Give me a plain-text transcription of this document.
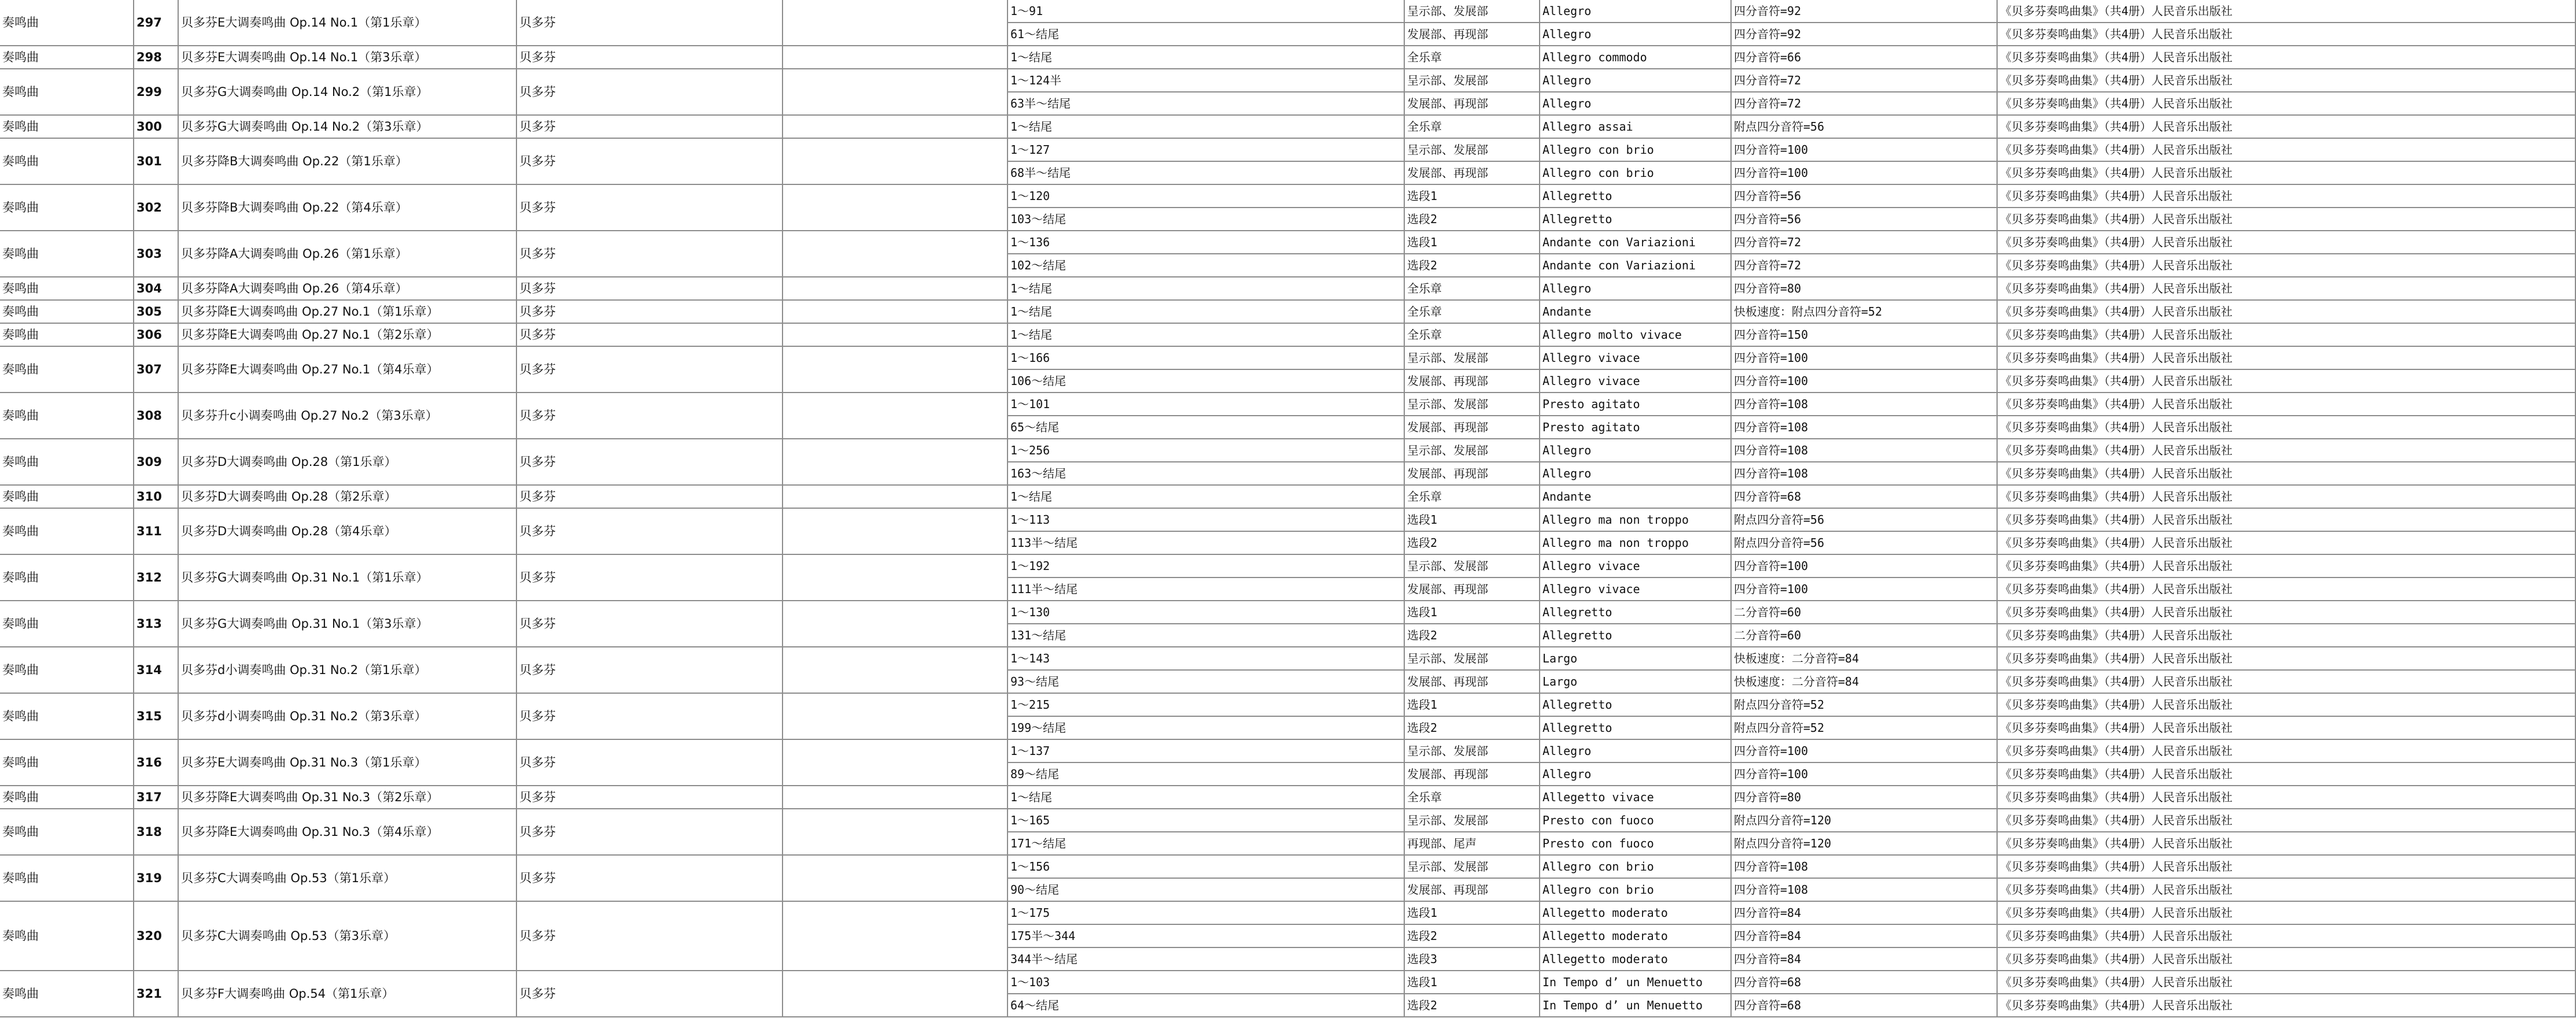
奏鸣曲	297	贝多芬E大调奏鸣曲 Op.14 No.1（第1乐章）	贝多芬
1～91	呈示部、发展部	Allegro	四分音符=92	《贝多芬奏鸣曲集》（共4册）人民音乐出版社
61～结尾	发展部、再现部	Allegro	四分音符=92	《贝多芬奏鸣曲集》（共4册）人民音乐出版社
奏鸣曲	298	贝多芬E大调奏鸣曲 Op.14 No.1（第3乐章）	贝多芬	1～结尾	全乐章	Allegro commodo	四分音符=66	《贝多芬奏鸣曲集》（共4册）人民音乐出版社
奏鸣曲	299	贝多芬G大调奏鸣曲 Op.14 No.2（第1乐章）	贝多芬
1～124半	呈示部、发展部	Allegro	四分音符=72	《贝多芬奏鸣曲集》（共4册）人民音乐出版社
63半～结尾	发展部、再现部	Allegro	四分音符=72	《贝多芬奏鸣曲集》（共4册）人民音乐出版社
奏鸣曲	300	贝多芬G大调奏鸣曲 Op.14 No.2（第3乐章）	贝多芬	1～结尾	全乐章	Allegro assai	附点四分音符=56	《贝多芬奏鸣曲集》（共4册）人民音乐出版社
奏鸣曲	301	贝多芬降B大调奏鸣曲 Op.22（第1乐章）	贝多芬
1～127	呈示部、发展部	Allegro con brio	四分音符=100	《贝多芬奏鸣曲集》（共4册）人民音乐出版社
68半～结尾	发展部、再现部	Allegro con brio	四分音符=100	《贝多芬奏鸣曲集》（共4册）人民音乐出版社
奏鸣曲	302	贝多芬降B大调奏鸣曲 Op.22（第4乐章）	贝多芬
1～120	选段1	Allegretto	四分音符=56	《贝多芬奏鸣曲集》（共4册）人民音乐出版社
103～结尾	选段2	Allegretto	四分音符=56	《贝多芬奏鸣曲集》（共4册）人民音乐出版社
奏鸣曲	303	贝多芬降A大调奏鸣曲 Op.26（第1乐章）	贝多芬
1～136	选段1	Andante con Variazioni	四分音符=72	《贝多芬奏鸣曲集》（共4册）人民音乐出版社
102～结尾	选段2	Andante con Variazioni	四分音符=72	《贝多芬奏鸣曲集》（共4册）人民音乐出版社
奏鸣曲	304	贝多芬降A大调奏鸣曲 Op.26（第4乐章）	贝多芬	1～结尾	全乐章	Allegro	四分音符=80	《贝多芬奏鸣曲集》（共4册）人民音乐出版社
奏鸣曲	305	贝多芬降E大调奏鸣曲 Op.27 No.1（第1乐章）	贝多芬	1～结尾	全乐章	Andante	快板速度：附点四分音符=52	《贝多芬奏鸣曲集》（共4册）人民音乐出版社
奏鸣曲	306	贝多芬降E大调奏鸣曲 Op.27 No.1（第2乐章）	贝多芬	1～结尾	全乐章	Allegro molto vivace	四分音符=150	《贝多芬奏鸣曲集》（共4册）人民音乐出版社
奏鸣曲	307	贝多芬降E大调奏鸣曲 Op.27 No.1（第4乐章）	贝多芬
1～166	呈示部、发展部	Allegro vivace	四分音符=100	《贝多芬奏鸣曲集》（共4册）人民音乐出版社
106～结尾	发展部、再现部	Allegro vivace	四分音符=100	《贝多芬奏鸣曲集》（共4册）人民音乐出版社
奏鸣曲	308	贝多芬升c小调奏鸣曲 Op.27 No.2（第3乐章）	贝多芬
1～101	呈示部、发展部	Presto agitato	四分音符=108	《贝多芬奏鸣曲集》（共4册）人民音乐出版社
65～结尾	发展部、再现部	Presto agitato	四分音符=108	《贝多芬奏鸣曲集》（共4册）人民音乐出版社
奏鸣曲	309	贝多芬D大调奏鸣曲 Op.28（第1乐章）	贝多芬
1～256	呈示部、发展部	Allegro	四分音符=108	《贝多芬奏鸣曲集》（共4册）人民音乐出版社
163～结尾	发展部、再现部	Allegro	四分音符=108	《贝多芬奏鸣曲集》（共4册）人民音乐出版社
奏鸣曲	310	贝多芬D大调奏鸣曲 Op.28（第2乐章）	贝多芬	1～结尾	全乐章	Andante	四分音符=68	《贝多芬奏鸣曲集》（共4册）人民音乐出版社
奏鸣曲	311	贝多芬D大调奏鸣曲 Op.28（第4乐章）	贝多芬
1～113	选段1	Allegro ma non troppo	附点四分音符=56	《贝多芬奏鸣曲集》（共4册）人民音乐出版社
113半～结尾	选段2	Allegro ma non troppo	附点四分音符=56	《贝多芬奏鸣曲集》（共4册）人民音乐出版社
奏鸣曲	312	贝多芬G大调奏鸣曲 Op.31 No.1（第1乐章）	贝多芬
1～192	呈示部、发展部	Allegro vivace	四分音符=100	《贝多芬奏鸣曲集》（共4册）人民音乐出版社
111半～结尾	发展部、再现部	Allegro vivace	四分音符=100	《贝多芬奏鸣曲集》（共4册）人民音乐出版社
奏鸣曲	313	贝多芬G大调奏鸣曲 Op.31 No.1（第3乐章）	贝多芬
1～130	选段1	Allegretto	二分音符=60	《贝多芬奏鸣曲集》（共4册）人民音乐出版社
131～结尾	选段2	Allegretto	二分音符=60	《贝多芬奏鸣曲集》（共4册）人民音乐出版社
奏鸣曲	314	贝多芬d小调奏鸣曲 Op.31 No.2（第1乐章）	贝多芬
1～143	呈示部、发展部	Largo	快板速度：二分音符=84	《贝多芬奏鸣曲集》（共4册）人民音乐出版社
93～结尾	发展部、再现部	Largo	快板速度：二分音符=84	《贝多芬奏鸣曲集》（共4册）人民音乐出版社
奏鸣曲	315	贝多芬d小调奏鸣曲 Op.31 No.2（第3乐章）	贝多芬
1～215	选段1	Allegretto	附点四分音符=52	《贝多芬奏鸣曲集》（共4册）人民音乐出版社
199～结尾	选段2	Allegretto	附点四分音符=52	《贝多芬奏鸣曲集》（共4册）人民音乐出版社
奏鸣曲	316	贝多芬E大调奏鸣曲 Op.31 No.3（第1乐章）	贝多芬
1～137	呈示部、发展部	Allegro	四分音符=100	《贝多芬奏鸣曲集》（共4册）人民音乐出版社
89～结尾	发展部、再现部	Allegro	四分音符=100	《贝多芬奏鸣曲集》（共4册）人民音乐出版社
奏鸣曲	317	贝多芬降E大调奏鸣曲 Op.31 No.3（第2乐章）	贝多芬	1～结尾	全乐章	Allegetto vivace	四分音符=80	《贝多芬奏鸣曲集》（共4册）人民音乐出版社
奏鸣曲	318	贝多芬降E大调奏鸣曲 Op.31 No.3（第4乐章）	贝多芬
1～165	呈示部、发展部	Presto con fuoco	附点四分音符=120	《贝多芬奏鸣曲集》（共4册）人民音乐出版社
171～结尾	再现部、尾声	Presto con fuoco	附点四分音符=120	《贝多芬奏鸣曲集》（共4册）人民音乐出版社
奏鸣曲	319	贝多芬C大调奏鸣曲 Op.53（第1乐章）	贝多芬
1～156	呈示部、发展部	Allegro con brio	四分音符=108	《贝多芬奏鸣曲集》（共4册）人民音乐出版社
90～结尾	发展部、再现部	Allegro con brio	四分音符=108	《贝多芬奏鸣曲集》（共4册）人民音乐出版社
奏鸣曲	320	贝多芬C大调奏鸣曲 Op.53（第3乐章）	贝多芬
1～175	选段1	Allegetto moderato	四分音符=84	《贝多芬奏鸣曲集》（共4册）人民音乐出版社
175半～344	选段2	Allegetto moderato	四分音符=84	《贝多芬奏鸣曲集》（共4册）人民音乐出版社
344半～结尾	选段3	Allegetto moderato	四分音符=84	《贝多芬奏鸣曲集》（共4册）人民音乐出版社
奏鸣曲	321	贝多芬F大调奏鸣曲 Op.54（第1乐章）	贝多芬
1～103	选段1	In Tempo d’ un Menuetto	四分音符=68	《贝多芬奏鸣曲集》（共4册）人民音乐出版社
64～结尾	选段2	In Tempo d’ un Menuetto	四分音符=68	《贝多芬奏鸣曲集》（共4册）人民音乐出版社
